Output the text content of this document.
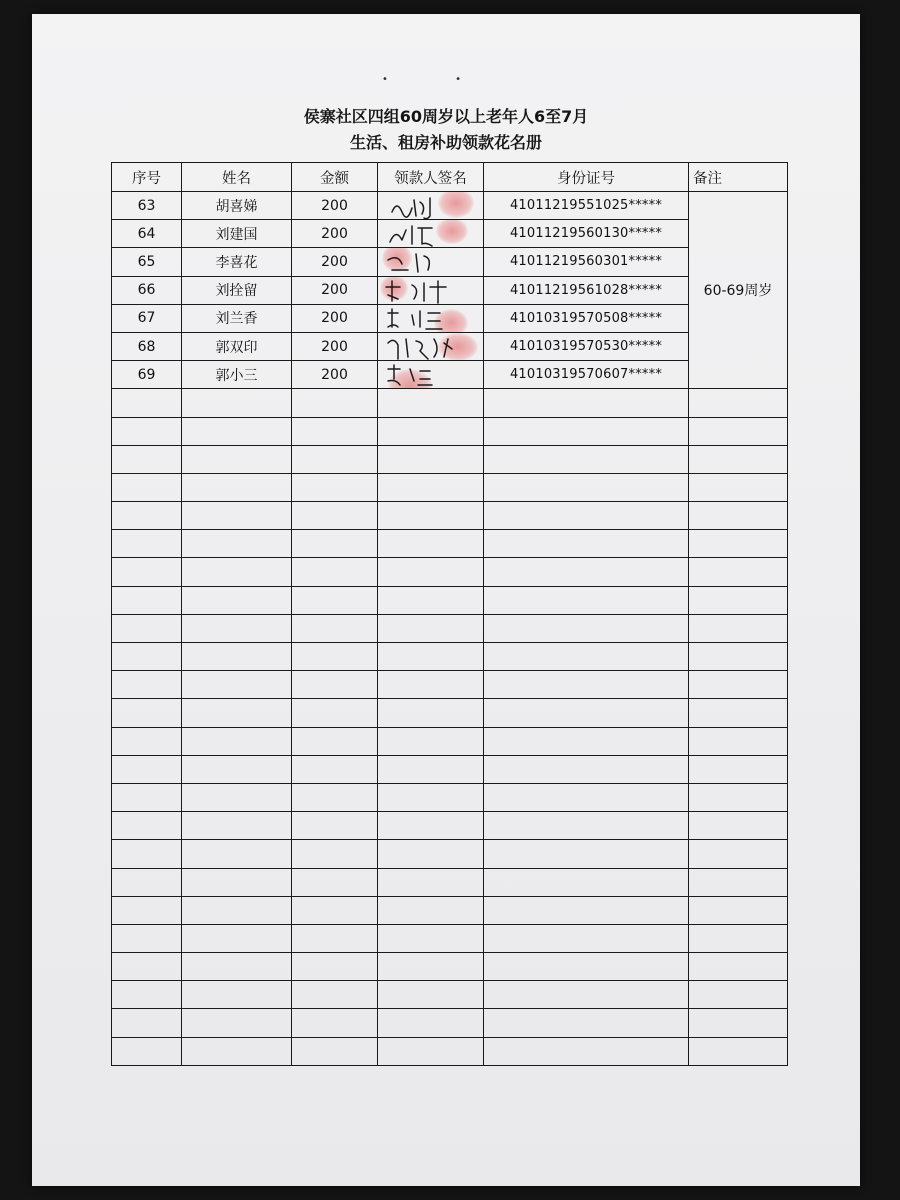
• •
侯寨社区四组60周岁以上老年人6至7月
生活、租房补助领款花名册
序号	姓名	金额	领款人签名	身份证号	备注
63	胡喜娣	200		41011219551025*****	60-69周岁
64	刘建国	200		41011219560130*****	
65	李喜花	200		41011219560301*****	
66	刘拴留	200		41011219561028*****	
67	刘兰香	200		41010319570508*****	
68	郭双印	200		41010319570530*****	
69	郭小三	200		41010319570607*****	
